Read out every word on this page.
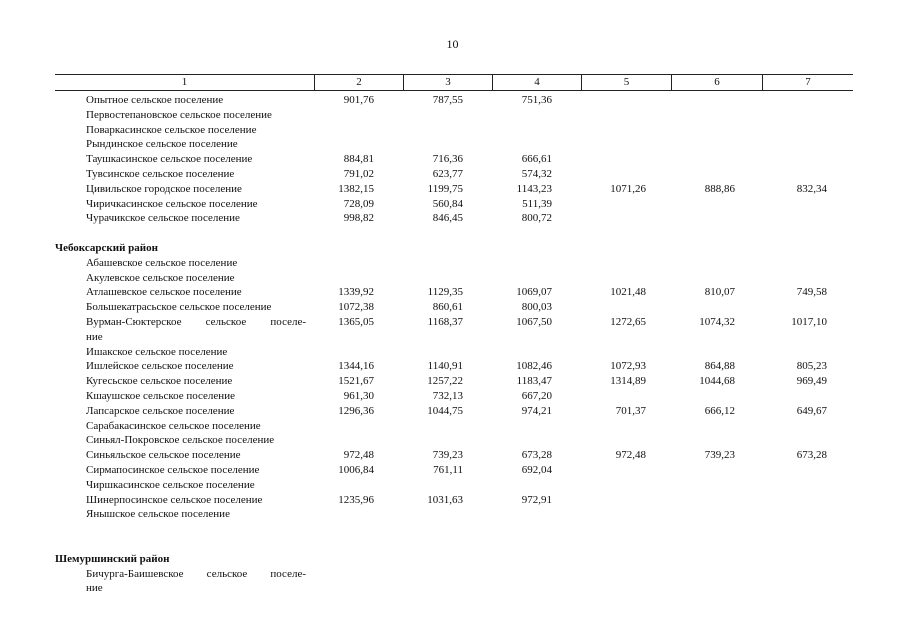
10
1	2	3	4	5	6	7
Опытное сельское поселение	901,76	787,55	751,36
Первостепановское сельское поселение
Поваркасинское сельское поселение
Рындинское сельское поселение
Таушкасинское сельское поселение	884,81	716,36	666,61
Тувсинское сельское поселение	791,02	623,77	574,32
Цивильское городское поселение	1382,15	1199,75	1143,23	1071,26	888,86	832,34
Чиричкасинское сельское поселение	728,09	560,84	511,39
Чурачикское сельское поселение	998,82	846,45	800,72
Чебоксарский район
Абашевское сельское поселение
Акулевское сельское поселение
Атлашевское сельское поселение	1339,92	1129,35	1069,07	1021,48	810,07	749,58
Большекатрасьское сельское поселение	1072,38	860,61	800,03
Вурман-Сюктерское сельское поселе-	1365,05	1168,37	1067,50	1272,65	1074,32	1017,10
ние
Ишакское сельское поселение
Ишлейское сельское поселение	1344,16	1140,91	1082,46	1072,93	864,88	805,23
Кугесьское сельское поселение	1521,67	1257,22	1183,47	1314,89	1044,68	969,49
Кшаушское сельское поселение	961,30	732,13	667,20
Лапсарское сельское поселение	1296,36	1044,75	974,21	701,37	666,12	649,67
Сарабакасинское сельское поселение
Синьял-Покровское сельское поселение
Синьяльское сельское поселение	972,48	739,23	673,28	972,48	739,23	673,28
Сирмапосинское сельское поселение	1006,84	761,11	692,04
Чиршкасинское сельское поселение
Шинерпосинское сельское поселение	1235,96	1031,63	972,91
Янышское сельское поселение
Шемуршинский район
Бичурга-Баишевское сельское поселе-
ние
